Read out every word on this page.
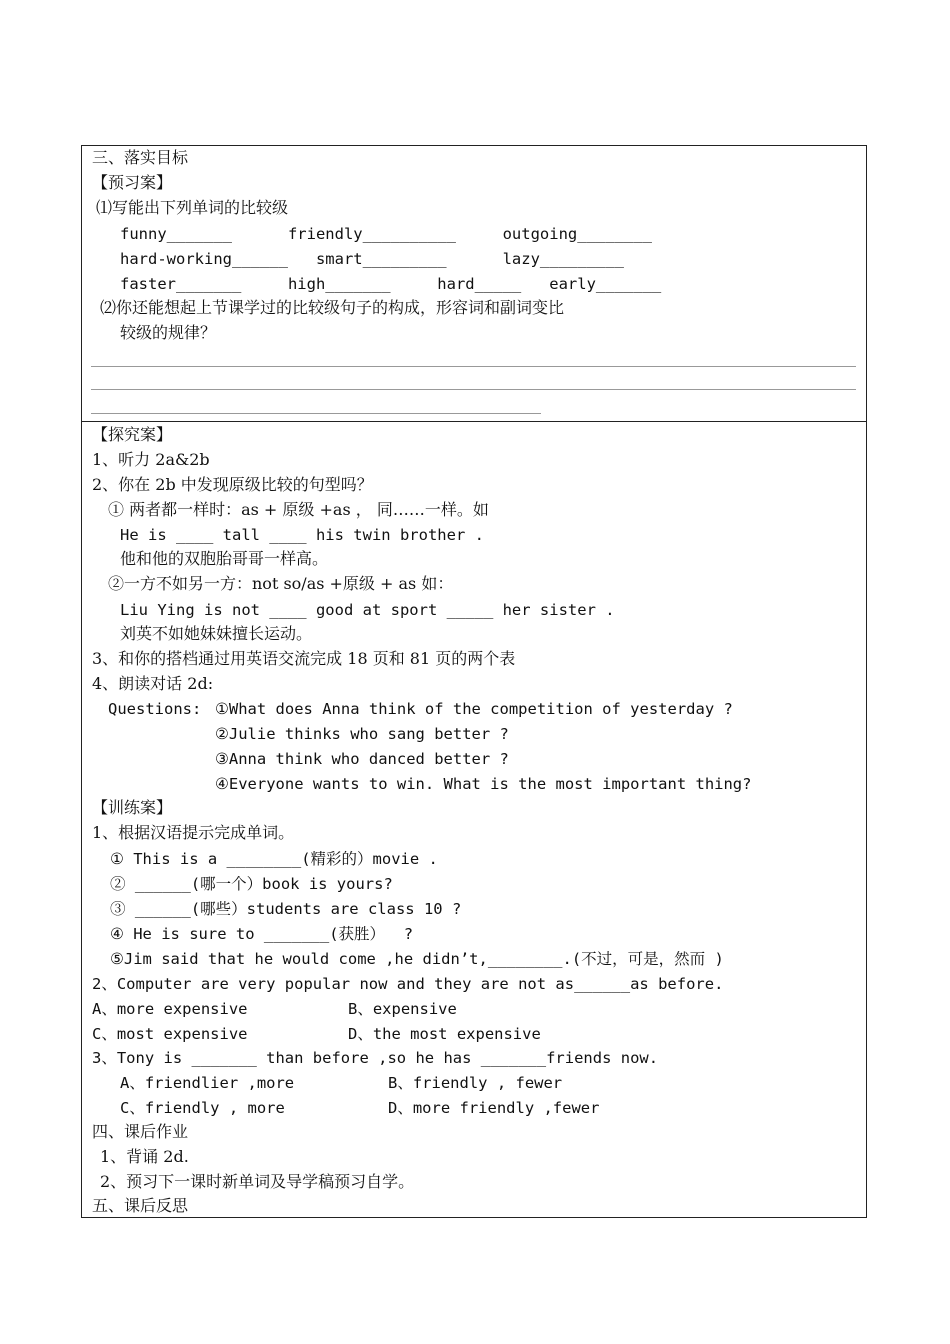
三、落实目标
【预习案】
⑴写能出下列单词的比较级
funny_______      friendly__________     outgoing________
hard-working______   smart_________      lazy_________
faster_______     high_______     hard_____   early_______
⑵你还能想起上节课学过的比较级句子的构成，形容词和副词变比
较级的规律？
【探究案】
1、听力 2a&2b
2、你在 2b 中发现原级比较的句型吗？
① 两者都一样时：as + 原级 +as ， 同……一样。如
He is ____ tall ____ his twin brother .
他和他的双胞胎哥哥一样高。
②一方不如另一方：not so/as +原级 + as 如：
Liu Ying is not ____ good at sport _____ her sister .
刘英不如她妹妹擅长运动。
3、和你的搭档通过用英语交流完成 18 页和 81 页的两个表
4、朗读对话 2d:
Questions: ①What does Anna think of the competition of yesterday ?
②Julie thinks who sang better ?
③Anna think who danced better ?
④Everyone wants to win. What is the most important thing?
【训练案】
1、根据汉语提示完成单词。
① This is a ________(精彩的）movie .
② ______(哪一个）book is yours?
③ ______(哪些）students are class 10 ?
④ He is sure to _______(获胜）  ?
⑤Jim said that he would come ,he didn’t,________.(不过，可是，然而 )
2、Computer are very popular now and they are not as______as before.
A、more expensive	B、expensive
C、most expensive	D、the most expensive
3、Tony is _______ than before ,so he has _______friends now.
A、friendlier ,more	B、friendly , fewer
C、friendly , more	D、more friendly ,fewer
四、课后作业
1、背诵 2d.
2、预习下一课时新单词及导学稿预习自学。
五、课后反思
